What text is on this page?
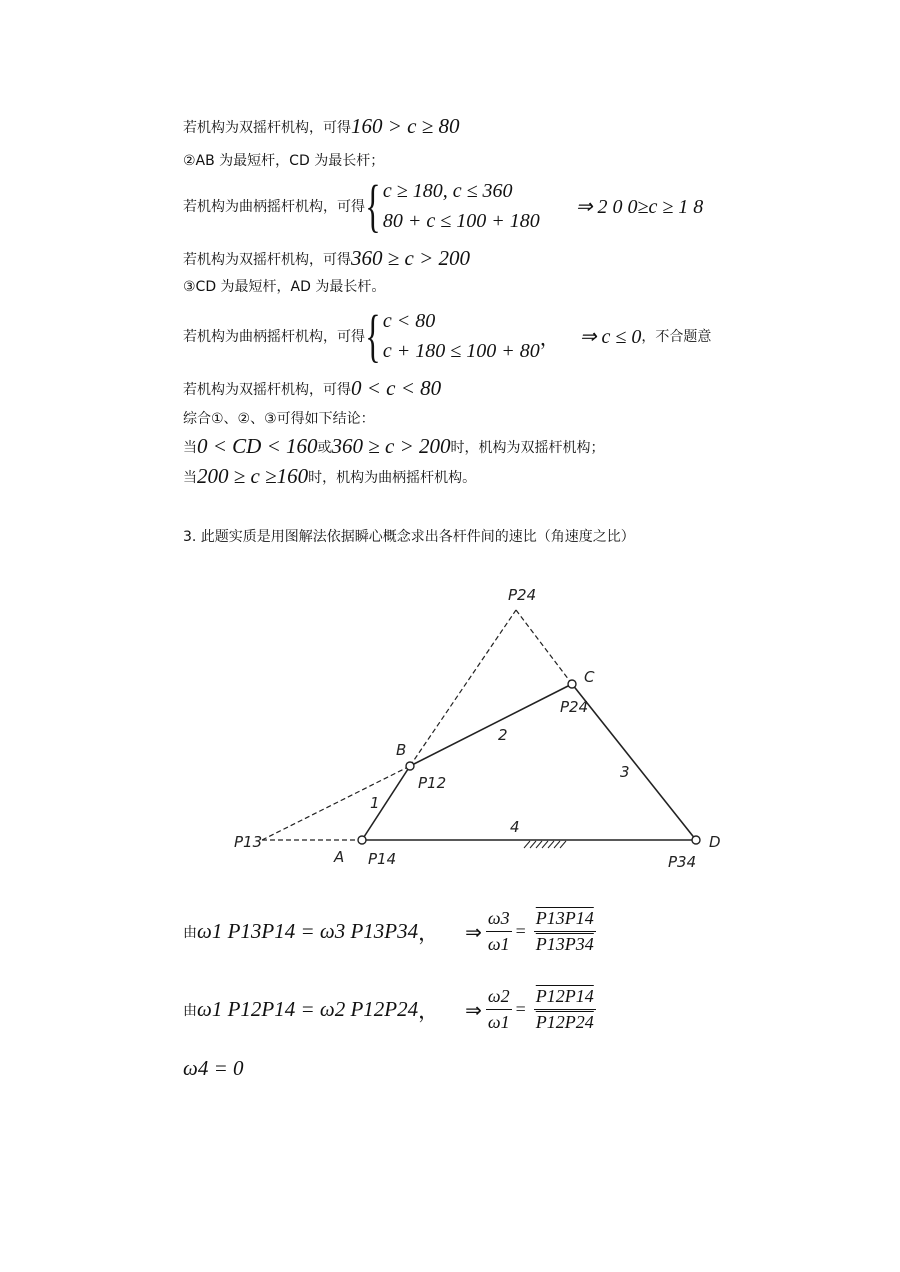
若机构为双摇杆机构，可得 160 > c ≥ 80
②AB 为最短杆，CD 为最长杆；
若机构为曲柄摇杆机构，可得 { c ≥ 180, c ≤ 360
80 + c ≤ 100 + 180
⇒ 2 0 0≥c ≥ 1 8
若机构为双摇杆机构，可得 360 ≥ c > 200
③CD 为最短杆，AD 为最长杆。
若机构为曲柄摇杆机构，可得 { c < 80
c + 180 ≤ 100 + 80
， ⇒ c ≤ 0 ，不合题意
若机构为双摇杆机构，可得 0 < c < 80
综合①、②、③可得如下结论：
当 0 < CD < 160 或 360 ≥ c > 200 时，机构为双摇杆机构；
当 200 ≥ c ≥160 时，机构为曲柄摇杆机构。
3. 此题实质是用图解法依据瞬心概念求出各杆件间的速比（角速度之比）
P24
C
P24
B
2
3
P12
1
P13
4
D
A P14	P34
由 ω1 P13P14 = ω3 P13P34 ， ⇒ $\frac{\omega 3}{\omega 1} = \frac{P13P14}{P13P34}$
由 ω1 P12P14 = ω2 P12P24 ， ⇒ $\frac{\omega 2}{\omega 1} = \frac{P12P14}{P12P24}$
ω4 = 0
